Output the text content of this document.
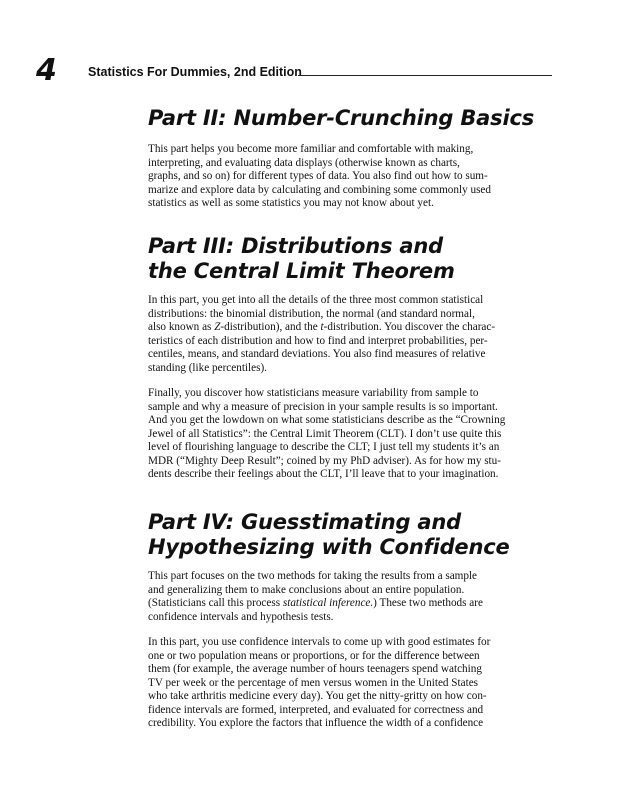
4 Statistics For Dummies, 2nd Edition
Part II: Number-Crunching Basics

This part helps you become more familiar and comfortable with making,
interpreting, and evaluating data displays (otherwise known as charts,
graphs, and so on) for different types of data. You also find out how to sum-
marize and explore data by calculating and combining some commonly used
statistics as well as some statistics you may not know about yet.

Part III: Distributions and
the Central Limit Theorem

In this part, you get into all the details of the three most common statistical
distributions: the binomial distribution, the normal (and standard normal,
also known as Z-distribution), and the t-distribution. You discover the charac-
teristics of each distribution and how to find and interpret probabilities, per-
centiles, means, and standard deviations. You also find measures of relative
standing (like percentiles).

Finally, you discover how statisticians measure variability from sample to
sample and why a measure of precision in your sample results is so important.
And you get the lowdown on what some statisticians describe as the “Crowning
Jewel of all Statistics”: the Central Limit Theorem (CLT). I don’t use quite this
level of flourishing language to describe the CLT; I just tell my students it’s an
MDR (“Mighty Deep Result”; coined by my PhD adviser). As for how my stu-
dents describe their feelings about the CLT, I’ll leave that to your imagination.

Part IV: Guesstimating and
Hypothesizing with Confidence

This part focuses on the two methods for taking the results from a sample
and generalizing them to make conclusions about an entire population.
(Statisticians call this process statistical inference.) These two methods are
confidence intervals and hypothesis tests.

In this part, you use confidence intervals to come up with good estimates for
one or two population means or proportions, or for the difference between
them (for example, the average number of hours teenagers spend watching
TV per week or the percentage of men versus women in the United States
who take arthritis medicine every day). You get the nitty-gritty on how con-
fidence intervals are formed, interpreted, and evaluated for correctness and
credibility. You explore the factors that influence the width of a confidence
